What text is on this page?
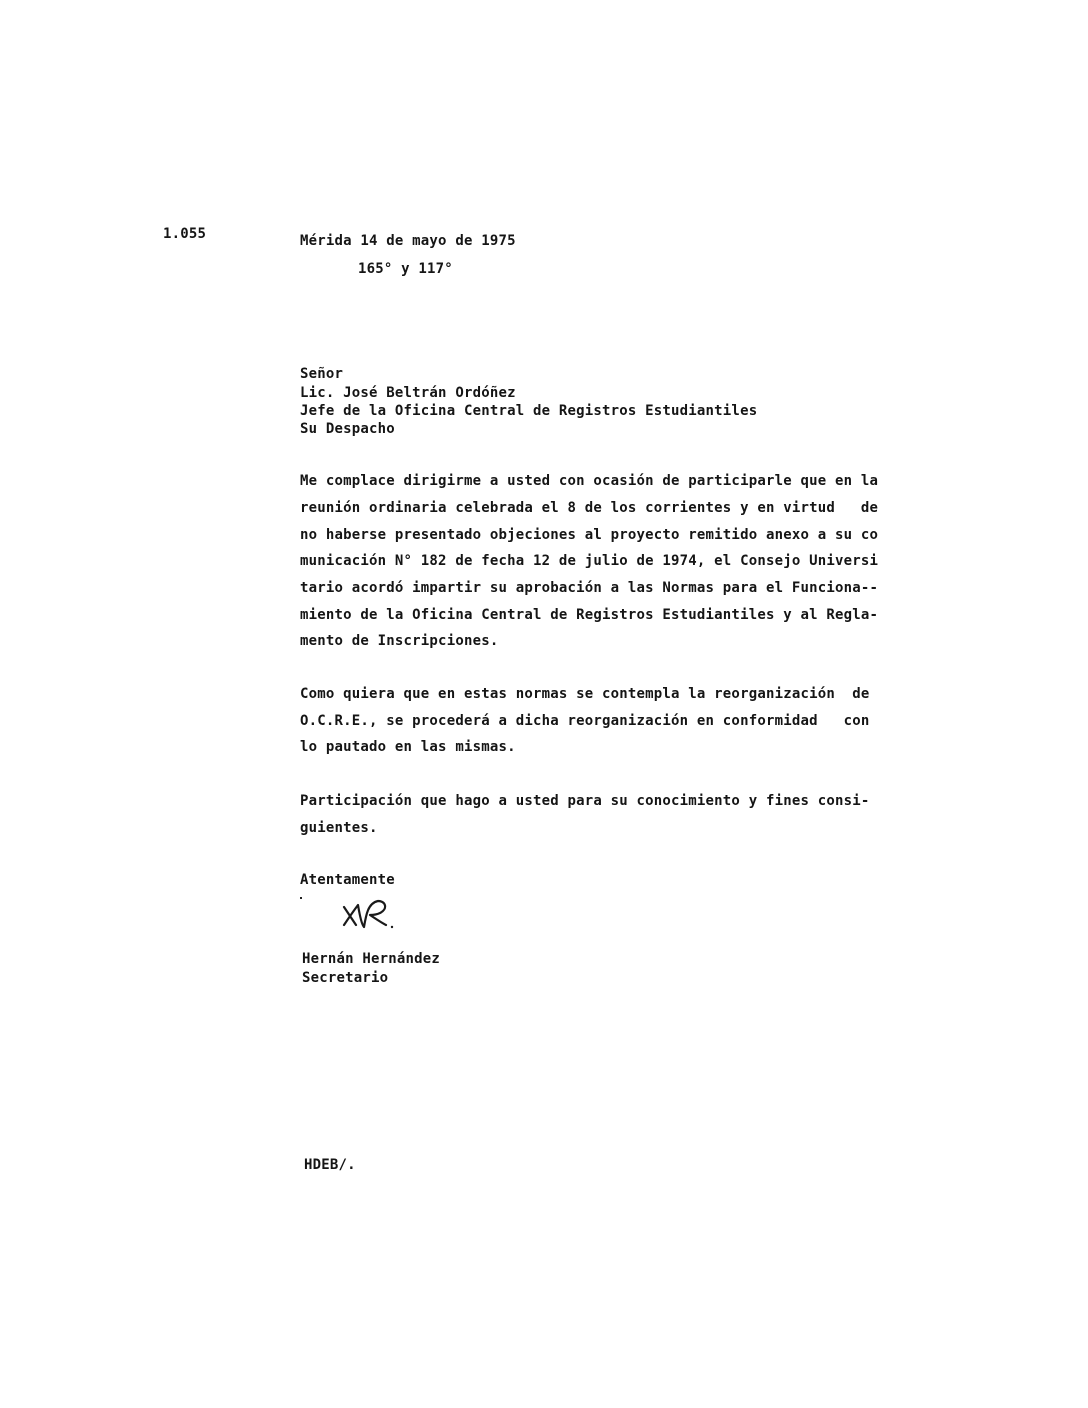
1.055	Mérida 14 de mayo de 1975
165° y 117°
Señor
Lic. José Beltrán Ordóñez
Jefe de la Oficina Central de Registros Estudiantiles
Su Despacho

Me complace dirigirme a usted con ocasión de participarle que en la

reunión ordinaria celebrada el 8 de los corrientes y en virtud   de

no haberse presentado objeciones al proyecto remitido anexo a su co

municación N° 182 de fecha 12 de julio de 1974, el Consejo Universi

tario acordó impartir su aprobación a las Normas para el Funciona--

miento de la Oficina Central de Registros Estudiantiles y al Regla-

mento de Inscripciones.

Como quiera que en estas normas se contempla la reorganización  de

O.C.R.E., se procederá a dicha reorganización en conformidad   con

lo pautado en las mismas.

Participación que hago a usted para su conocimiento y fines consi-

guientes.

Atentamente
Hernán Hernández
Secretario
HDEB/.
